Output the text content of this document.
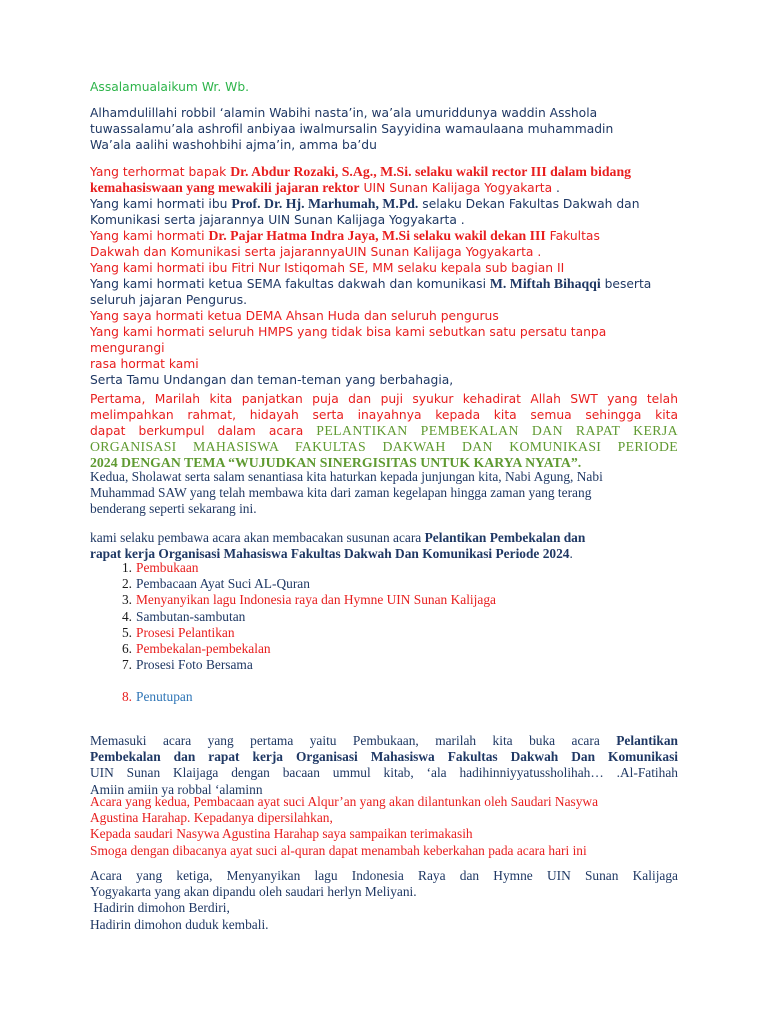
Assalamualaikum Wr. Wb.

Alhamdulillahi robbil ‘alamin Wabihi nasta’in, wa’ala umuriddunya waddin Asshola

tuwassalamu’ala ashrofil anbiyaa iwalmursalin Sayyidina wamaulaana muhammadin

Wa’ala aalihi washohbihi ajma’in, amma ba’du

Yang terhormat bapak Dr. Abdur Rozaki, S.Ag., M.Si. selaku wakil rector III dalam bidang

kemahasiswaan yang mewakili jajaran rektor UIN Sunan Kalijaga Yogyakarta .

Yang kami hormati ibu Prof. Dr. Hj. Marhumah, M.Pd. selaku Dekan Fakultas Dakwah dan

Komunikasi serta jajarannya UIN Sunan Kalijaga Yogyakarta .

Yang kami hormati Dr. Pajar Hatma Indra Jaya, M.Si selaku wakil dekan III Fakultas

Dakwah dan Komunikasi serta jajarannyaUIN Sunan Kalijaga Yogyakarta .

Yang kami hormati ibu Fitri Nur Istiqomah SE, MM selaku kepala sub bagian II

Yang kami hormati ketua SEMA fakultas dakwah dan komunikasi M. Miftah Bihaqqi beserta

seluruh jajaran Pengurus.

Yang saya hormati ketua DEMA Ahsan Huda dan seluruh pengurus

Yang kami hormati seluruh HMPS yang tidak bisa kami sebutkan satu persatu tanpa mengurangi

rasa hormat kami

Serta Tamu Undangan dan teman-teman yang berbahagia,

Pertama, Marilah kita panjatkan puja dan puji syukur kehadirat Allah SWT yang telah

melimpahkan rahmat, hidayah serta inayahnya kepada kita semua sehingga kita

dapat berkumpul dalam acara PELANTIKAN PEMBEKALAN DAN RAPAT KERJA

ORGANISASI MAHASISWA FAKULTAS DAKWAH DAN KOMUNIKASI PERIODE

2024 DENGAN TEMA “WUJUDKAN SINERGISITAS UNTUK KARYA NYATA”.

Kedua, Sholawat serta salam senantiasa kita haturkan kepada junjungan kita, Nabi Agung, Nabi

Muhammad SAW yang telah membawa kita dari zaman kegelapan hingga zaman yang terang

benderang seperti sekarang ini.

kami selaku pembawa acara akan membacakan susunan acara Pelantikan Pembekalan dan

rapat kerja Organisasi Mahasiswa Fakultas Dakwah Dan Komunikasi Periode 2024.

1. Pembukaan
2. Pembacaan Ayat Suci AL-Quran
3. Menyanyikan lagu Indonesia raya dan Hymne UIN Sunan Kalijaga
4. Sambutan-sambutan
5. Prosesi Pelantikan
6. Pembekalan-pembekalan
7. Prosesi Foto Bersama
8. Penutupan

Memasuki acara yang pertama yaitu Pembukaan, marilah kita buka acara Pelantikan

Pembekalan dan rapat kerja Organisasi Mahasiswa Fakultas Dakwah Dan Komunikasi

UIN Sunan Klaijaga dengan bacaan ummul kitab, ‘ala hadihinniyyatussholihah… .Al-Fatihah

Amiin amiin ya robbal ‘alaminn

Acara yang kedua, Pembacaan ayat suci Alqur’an yang akan dilantunkan oleh Saudari Nasywa

Agustina Harahap. Kepadanya dipersilahkan,

Kepada saudari Nasywa Agustina Harahap saya sampaikan terimakasih

Smoga dengan dibacanya ayat suci al-quran dapat menambah keberkahan pada acara hari ini

Acara yang ketiga, Menyanyikan lagu Indonesia Raya dan Hymne UIN Sunan Kalijaga

Yogyakarta yang akan dipandu oleh saudari herlyn Meliyani.

Hadirin dimohon Berdiri,

Hadirin dimohon duduk kembali.
